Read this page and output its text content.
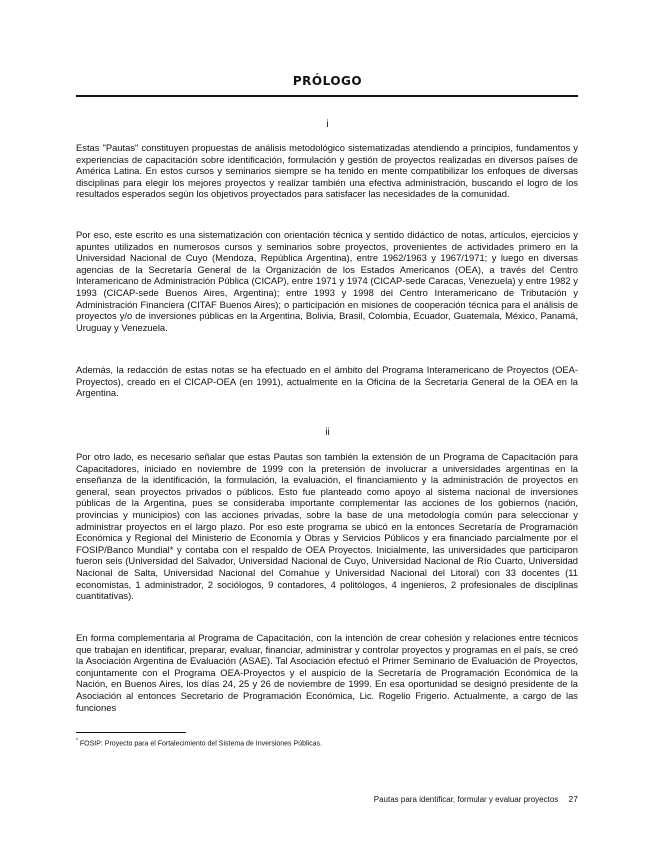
PRÓLOGO
i

Estas "Pautas" constituyen propuestas de análisis metodológico sistematizadas atendiendo a principios, fundamentos y experiencias de capacitación sobre identificación, formulación y gestión de proyectos realizadas en diversos países de América Latina. En estos cursos y seminarios siempre se ha tenido en mente compatibilizar los enfoques de diversas disciplinas para elegir los mejores proyectos y realizar también una efectiva administración, buscando el logro de los resultados esperados según los objetivos proyectados para satisfacer las necesidades de la comunidad.

Por eso, este escrito es una sistematización con orientación técnica y sentido didáctico de notas, artículos, ejercicios y apuntes utilizados en numerosos cursos y seminarios sobre proyectos, provenientes de actividades primero en la Universidad Nacional de Cuyo (Mendoza, República Argentina), entre 1962/1963 y 1967/1971; y luego en diversas agencias de la Secretaría General de la Organización de los Estados Americanos (OEA), a través del Centro Interamericano de Administración Pública (CICAP), entre 1971 y 1974 (CICAP-sede Caracas, Venezuela) y entre 1982 y 1993 (CICAP-sede Buenos Aires, Argentina); entre 1993 y 1998 del Centro Interamericano de Tributación y Administración Financiera (CITAF Buenos Aires); o participación en misiones de cooperación técnica para el análisis de proyectos y/o de inversiones públicas en la Argentina, Bolivia, Brasil, Colombia, Ecuador, Guatemala, México, Panamá, Uruguay y Venezuela.

Además, la redacción de estas notas se ha efectuado en el ámbito del Programa Interamericano de Proyectos (OEA-Proyectos), creado en el CICAP-OEA (en 1991), actualmente en la Oficina de la Secretaría General de la OEA en la Argentina.

ii

Por otro lado, es necesario señalar que estas Pautas son también la extensión de un Programa de Capacitación para Capacitadores, iniciado en noviembre de 1999 con la pretensión de involucrar a universidades argentinas en la enseñanza de la identificación, la formulación, la evaluación, el financiamiento y la administración de proyectos en general, sean proyectos privados o públicos. Esto fue planteado como apoyo al sistema nacional de inversiones públicas de la Argentina, pues se consideraba importante complementar las acciones de los gobiernos (nación, provincias y municipios) con las acciones privadas, sobre la base de una metodología común para seleccionar y administrar proyectos en el largo plazo. Por eso este programa se ubicó en la entonces Secretaría de Programación Económica y Regional del Ministerio de Economía y Obras y Servicios Públicos y era financiado parcialmente por el FOSIP/Banco Mundial* y contaba con el respaldo de OEA Proyectos. Inicialmente, las universidades que participaron fueron seis (Universidad del Salvador, Universidad Nacional de Cuyo, Universidad Nacional de Río Cuarto, Universidad Nacional de Salta, Universidad Nacional del Comahue y Universidad Nacional del Litoral) con 33 docentes (11 economistas, 1 administrador, 2 sociólogos, 9 contadores, 4 politólogos, 4 ingenieros, 2 profesionales de disciplinas cuantitativas).

En forma complementaria al Programa de Capacitación, con la intención de crear cohesión y relaciones entre técnicos que trabajan en identificar, preparar, evaluar, financiar, administrar y controlar proyectos y programas en el país, se creó la Asociación Argentina de Evaluación (ASAE). Tal Asociación efectuó el Primer Seminario de Evaluación de Proyectos, conjuntamente con el Programa OEA-Proyectos y el auspicio de la Secretaría de Programación Económica de la Nación, en Buenos Aires, los días 24, 25 y 26 de noviembre de 1999. En esa oportunidad se designó presidente de la Asociación al entonces Secretario de Programación Económica, Lic. Rogelio Frigerio. Actualmente, a cargo de las funciones

* FOSIP: Proyecto para el Fortalecimiento del Sistema de Inversiones Públicas.
Pautas para identificar, formular y evaluar proyectos 27
